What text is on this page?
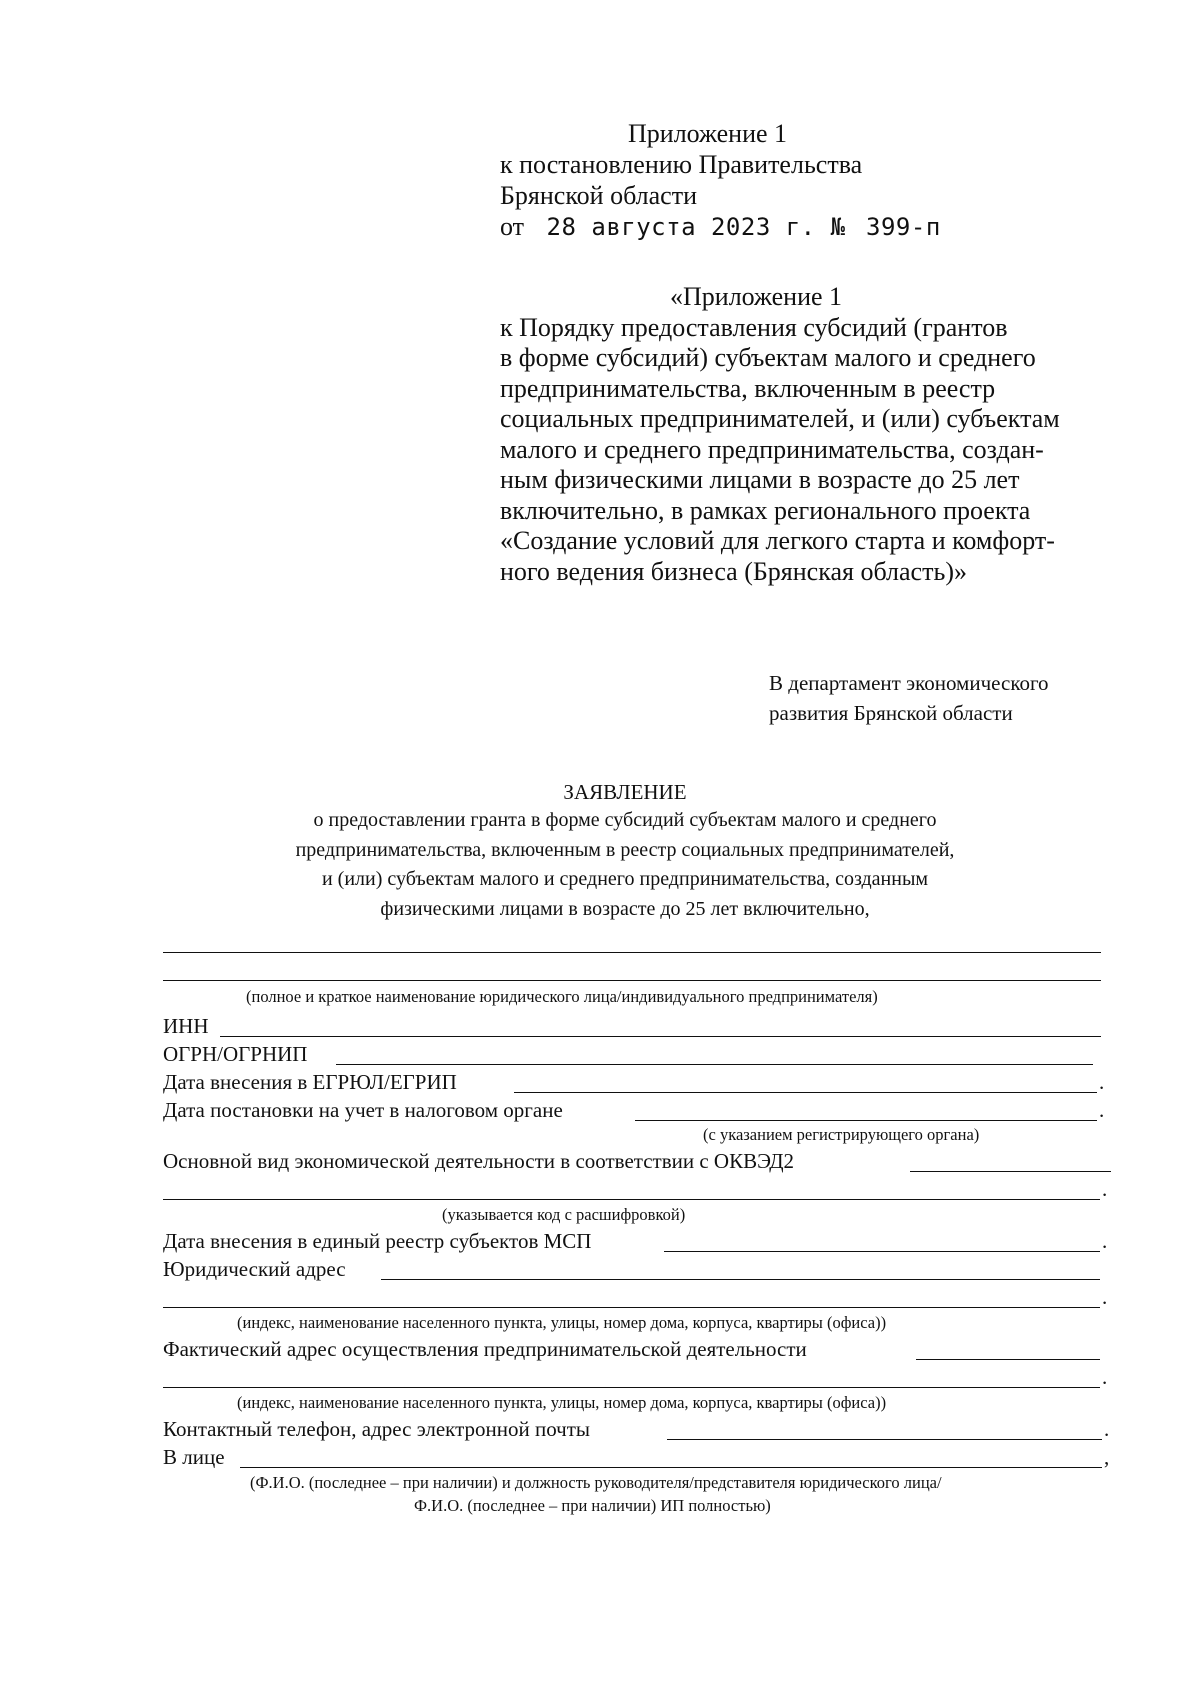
Приложение 1
к постановлению Правительства
Брянской области
от 28 августа 2023 г. № 399-п
«Приложение 1
к Порядку предоставления субсидий (грантов
в форме субсидий) субъектам малого и среднего
предпринимательства, включенным в реестр
социальных предпринимателей, и (или) субъектам
малого и среднего предпринимательства, создан-
ным физическими лицами в возрасте до 25 лет
включительно, в рамках регионального проекта
«Создание условий для легкого старта и комфорт-
ного ведения бизнеса (Брянская область)»
В департамент экономического
развития Брянской области
ЗАЯВЛЕНИЕ
о предоставлении гранта в форме субсидий субъектам малого и среднего
предпринимательства, включенным в реестр социальных предпринимателей,
и (или) субъектам малого и среднего предпринимательства, созданным
физическими лицами в возрасте до 25 лет включительно,
(полное и краткое наименование юридического лица/индивидуального предпринимателя)
ИНН
ОГРН/ОГРНИП
Дата внесения в ЕГРЮЛ/ЕГРИП	.
Дата постановки на учет в налоговом органе	.
(с указанием регистрирующего органа)
Основной вид экономической деятельности в соответствии с ОКВЭД2
.
(указывается код с расшифровкой)
Дата внесения в единый реестр субъектов МСП	.
Юридический адрес
.
(индекс, наименование населенного пункта, улицы, номер дома, корпуса, квартиры (офиса))
Фактический адрес осуществления предпринимательской деятельности
.
(индекс, наименование населенного пункта, улицы, номер дома, корпуса, квартиры (офиса))
Контактный телефон, адрес электронной почты	.
В лице	,
(Ф.И.О. (последнее – при наличии) и должность руководителя/представителя юридического лица/
Ф.И.О. (последнее – при наличии) ИП полностью)
